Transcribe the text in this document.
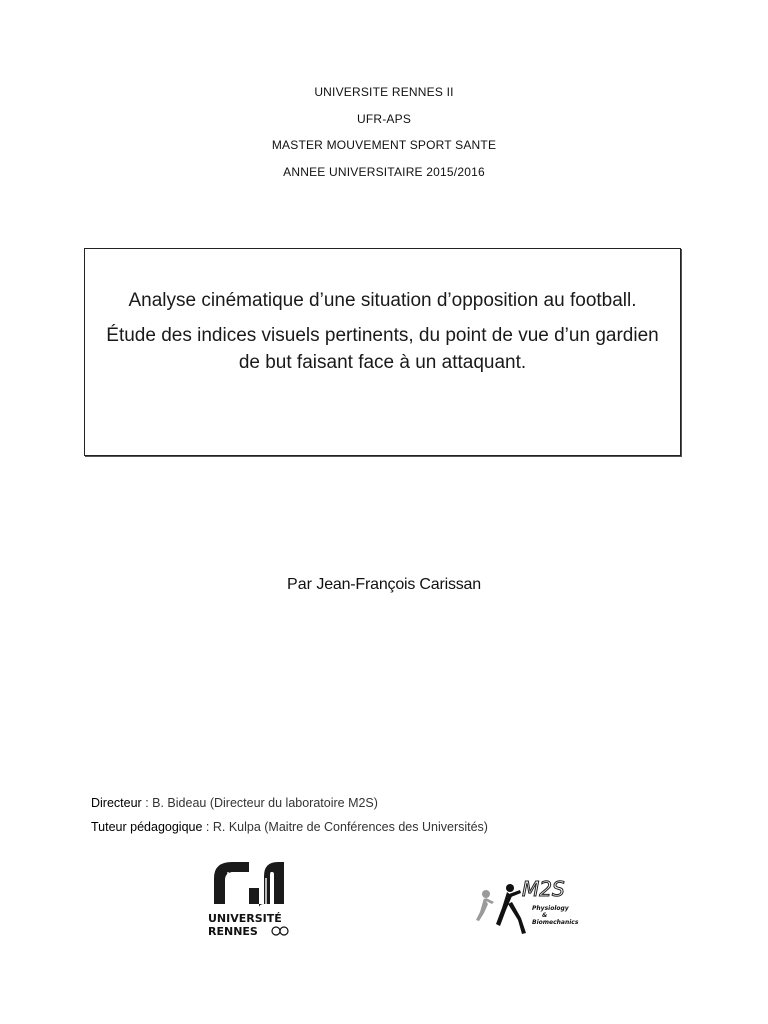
UNIVERSITE RENNES II
UFR-APS
MASTER MOUVEMENT SPORT SANTE
ANNEE UNIVERSITAIRE 2015/2016

Analyse cinématique d’une situation d’opposition au football.

Étude des indices visuels pertinents, du point de vue d’un gardien de but faisant face à un attaquant.

Par Jean-François Carissan
Directeur : B. Bideau (Directeur du laboratoire M2S)
Tuteur pédagogique : R. Kulpa (Maitre de Conférences des Universités)
UNIVERSITÉ
RENNES
M2S
Physiology
&
Biomechanics
